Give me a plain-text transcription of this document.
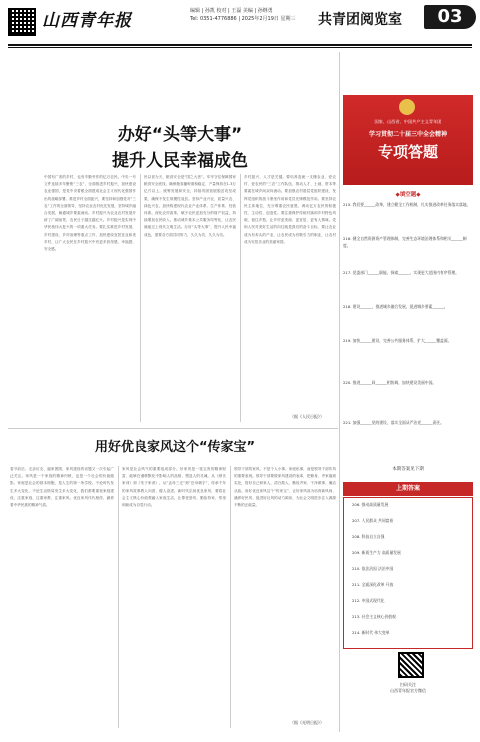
山西青年报	编辑 | 孙凯 校对 | 王磊 美编 | 孙继勇
Tel: 0351-4776886 | 2025年2月19日 星期三 共青团阅览室	03
办好“头等大事”
提升人民幸福成色
中国有广袤的乡村，也有辛勤劳作的亿万农民。中央一号文件连续多年聚焦“三农”，全面推进乡村振兴，加快建设农业强国，是党中央着眼全面建成社会主义现代化强国作出的战略部署。推进乡村全面振兴，要坚持和加强党对“三农”工作的全面领导，坚持农业农村优先发展，坚持城乡融合发展，畅通城乡要素流动。乡村振兴为农业农村发展开辟了广阔前景，农民日子越过越红火。乡村振兴是实现中华民族伟大复兴的一项重大任务。要扎实推进乡村发展、乡村建设、乡村治理等重点工作，加快建设宜居宜业和美乡村，让广大农民在乡村振兴中有更多获得感、幸福感、安全感。
民以食为天，粮食安全是“国之大者”。牢牢守住保障国家粮食安全底线，确保粮食播种面积稳定、产量保持在1.3万亿斤以上。统筹发展和安全，持续巩固拓展脱贫攻坚成果，确保不发生规模性返贫。坚持产业兴农、质量兴农、绿色兴农，加快构建现代农业产业体系、生产体系、经营体系。深化农村改革，赋予农民更加充分的财产权益，持续增加农民收入。推动城乡基本公共服务均等化，让农民就地过上现代文明生活。办好“头等大事”，提升人民幸福成色，需要各方面共同努力，久久为功，久久为功。
乡村振兴，人才是关键。要培养造就一支懂农业、爱农村、爱农民的“三农”工作队伍，推动人才、土地、资本等要素在城乡间双向流动。要加强农村基层党组织建设，发挥党组织的战斗堡垒作用和党员先锋模范作用。要坚持农民主体地位，充分尊重农民意愿，调动亿万农民的积极性、主动性、创造性。要注重保护传统村落和乡村特色风貌，留住乡愁，让乡村更美丽、更宜居，更有人情味。党和人民对美好生活的向往就是我们的奋斗目标，要让农业成为有奔头的产业，让农民成为有吸引力的职业，让农村成为安居乐业的美丽家园。
（据《人民日报》）
用好优良家风这个“传家宝”
春节前后，走亲访友、阖家团圆，家风建设的话题又一次引起广泛关注。家风是一个家庭的精神内核，也是一个社会的价值缩影。家庭是社会的基本细胞，是人生的第一所学校。不论时代发生多大变化，不论生活格局发生多大变化，我们都要重视家庭建设，注重家庭、注重家教、注重家风。优良家风代代相传，涵养着中华民族的精神气质。
家风是社会风气的重要组成部分。好家风是一笔宝贵的精神财富，能够在潜移默化中影响人的品格，塑造人的灵魂。从《颜氏家训》到《朱子家训》，从“孟母三迁”到“岳母刺字”，传承千年的家风故事教人向善、催人奋进。新时代弘扬优良家风，要将社会主义核心价值观融入家庭生活，让尊老爱幼、勤俭持家、邻里和睦成为自觉行动。
领导干部的家风，不是个人小事、家庭私事，而是领导干部作风的重要表现。领导干部要做家风建设的表率，把修身、齐家落到实处，管好自己和家人，清白做人、勤俭齐家、干净做事、廉洁从政。用好优良家风这个“传家宝”，让好家风成为培育新风尚、涵养好民风、促进好社风的动力源泉，为社会文明进步注入源源不断的正能量。
（据《光明日报》）
国家、山西省、中国共产主义青年团
学习贯彻二十届三中全会精神
专项答题
◆填空题◆
215. 我们要______改革，建立健全工作机制，扎实推进改革任务落实落地。
216. 健全自然资源资产管理体制，完善生态环境治理体系和相关______制度。
217. 党委部门______职能、探索______，实现更大范围内有序管理。
218. 建设______，推进城乡融合发展，促进城乡要素______。
219. 加快______建设，完善公共服务体系，扩大______覆盖面。
220. 推进______同______相协调，加快建设美丽中国。
221. 加强______党的建设，落实全面从严治党______责任。
本期答案见下期
上期答案
206. 推动高质量发展
207. 人民群众 共同富裕
208. 科技自立自强
209. 新质生产力 高质量发展
210. 依法治国 法治中国
211. 全面深化改革 开放
212. 中国式现代化
213. 社会主义核心价值观
214. 新时代 伟大变革
扫码关注
山西青年报官方微信
